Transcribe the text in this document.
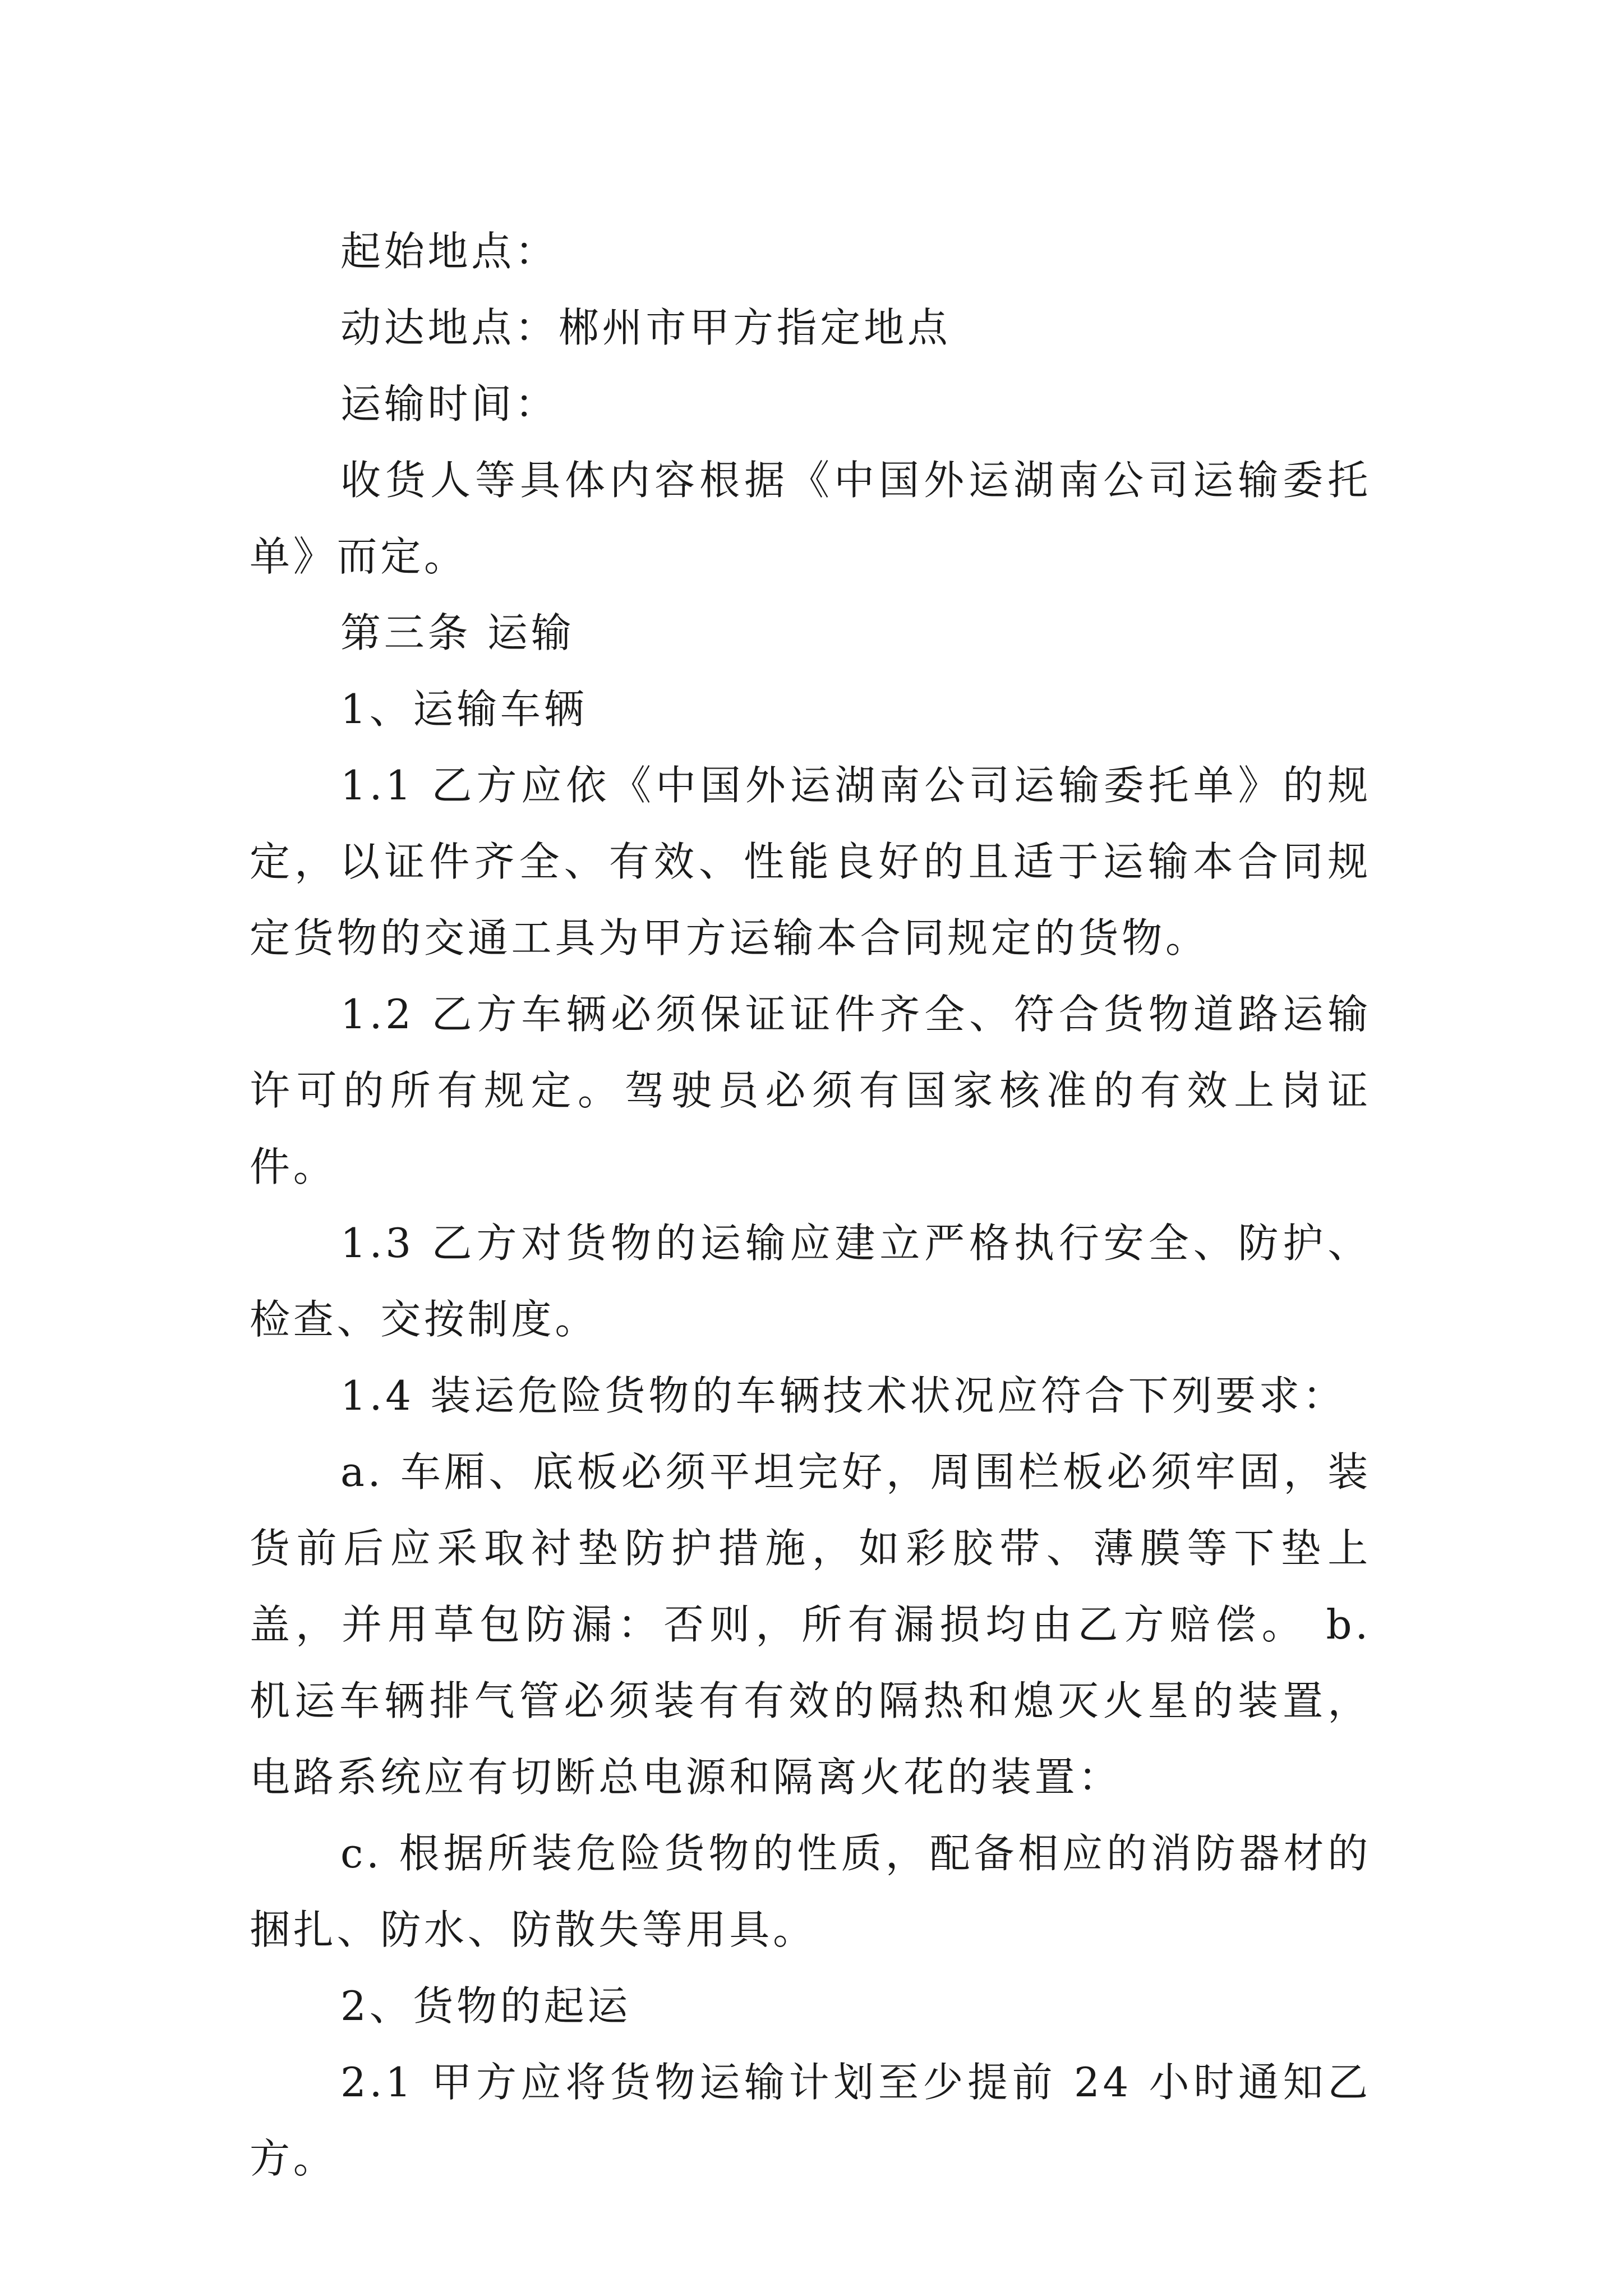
起始地点：

动达地点：郴州市甲方指定地点

运输时间：

收货人等具体内容根据《中国外运湖南公司运输委托单》而定。

第三条 运输

1、运输车辆

1.1 乙方应依《中国外运湖南公司运输委托单》的规定，以证件齐全、有效、性能良好的且适于运输本合同规定货物的交通工具为甲方运输本合同规定的货物。

1.2 乙方车辆必须保证证件齐全、符合货物道路运输许可的所有规定。驾驶员必须有国家核准的有效上岗证件。

1.3 乙方对货物的运输应建立严格执行安全、防护、检查、交按制度。

1.4 装运危险货物的车辆技术状况应符合下列要求：

a. 车厢、底板必须平坦完好，周围栏板必须牢固，装货前后应采取衬垫防护措施，如彩胶带、薄膜等下垫上盖，并用草包防漏：否则，所有漏损均由乙方赔偿。 b. 机运车辆排气管必须装有有效的隔热和熄灭火星的装置，电路系统应有切断总电源和隔离火花的装置：

c. 根据所装危险货物的性质，配备相应的消防器材的捆扎、防水、防散失等用具。

2、货物的起运

2.1 甲方应将货物运输计划至少提前 24 小时通知乙方。
